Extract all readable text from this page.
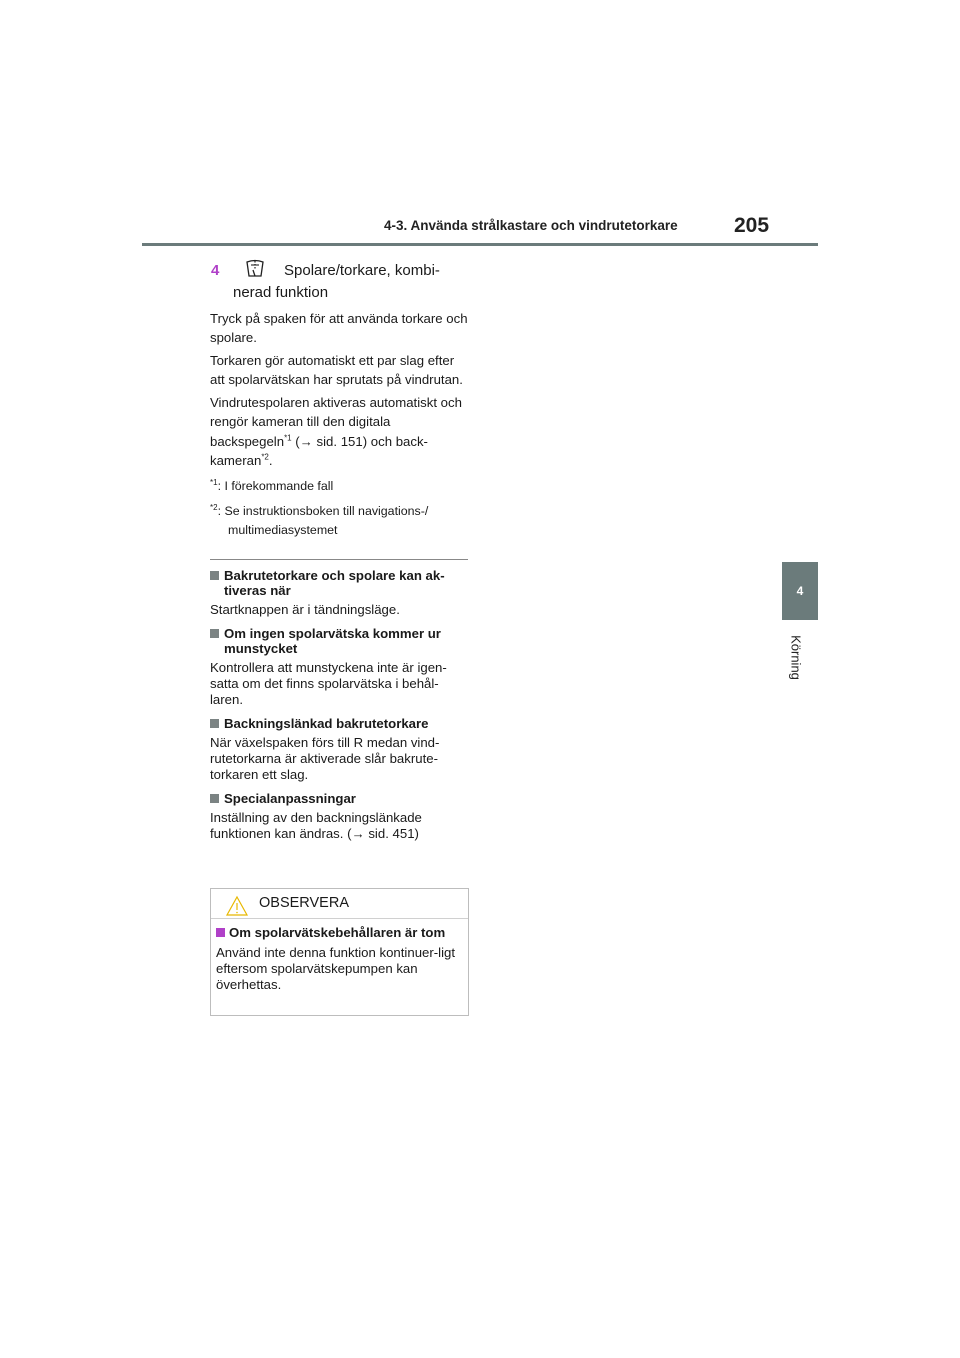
4-3. Använda strålkastare och vindrutetorkare	205
4
Körning
4	Spolare/torkare, kombi-
nerad funktion

Tryck på spaken för att använda torkare och spolare.

Torkaren gör automatiskt ett par slag efter att spolarvätskan har sprutats på vindrutan.

Vindrutespolaren aktiveras automatiskt och rengör kameran till den digitala backspegeln$^{*1}$ (→ sid. 151) och back-kameran$^{*2}$.

$^{*1}$: I förekommande fall
$^{*2}$: Se instruktionsboken till navigations-/
multimediasystemet
Bakrutetorkare och spolare kan ak-tiveras när
Startknappen är i tändningsläge.
Om ingen spolarvätska kommer ur munstycket
Kontrollera att munstyckena inte är igen-satta om det finns spolarvätska i behål-laren.
Backningslänkad bakrutetorkare
När växelspaken förs till R medan vind-rutetorkarna är aktiverade slår bakrute-torkaren ett slag.
Specialanpassningar
Inställning av den backningslänkade funktionen kan ändras. (→ sid. 451)
OBSERVERA
Om spolarvätskebehållaren är tom
Använd inte denna funktion kontinuer-ligt eftersom spolarvätskepumpen kan överhettas.
